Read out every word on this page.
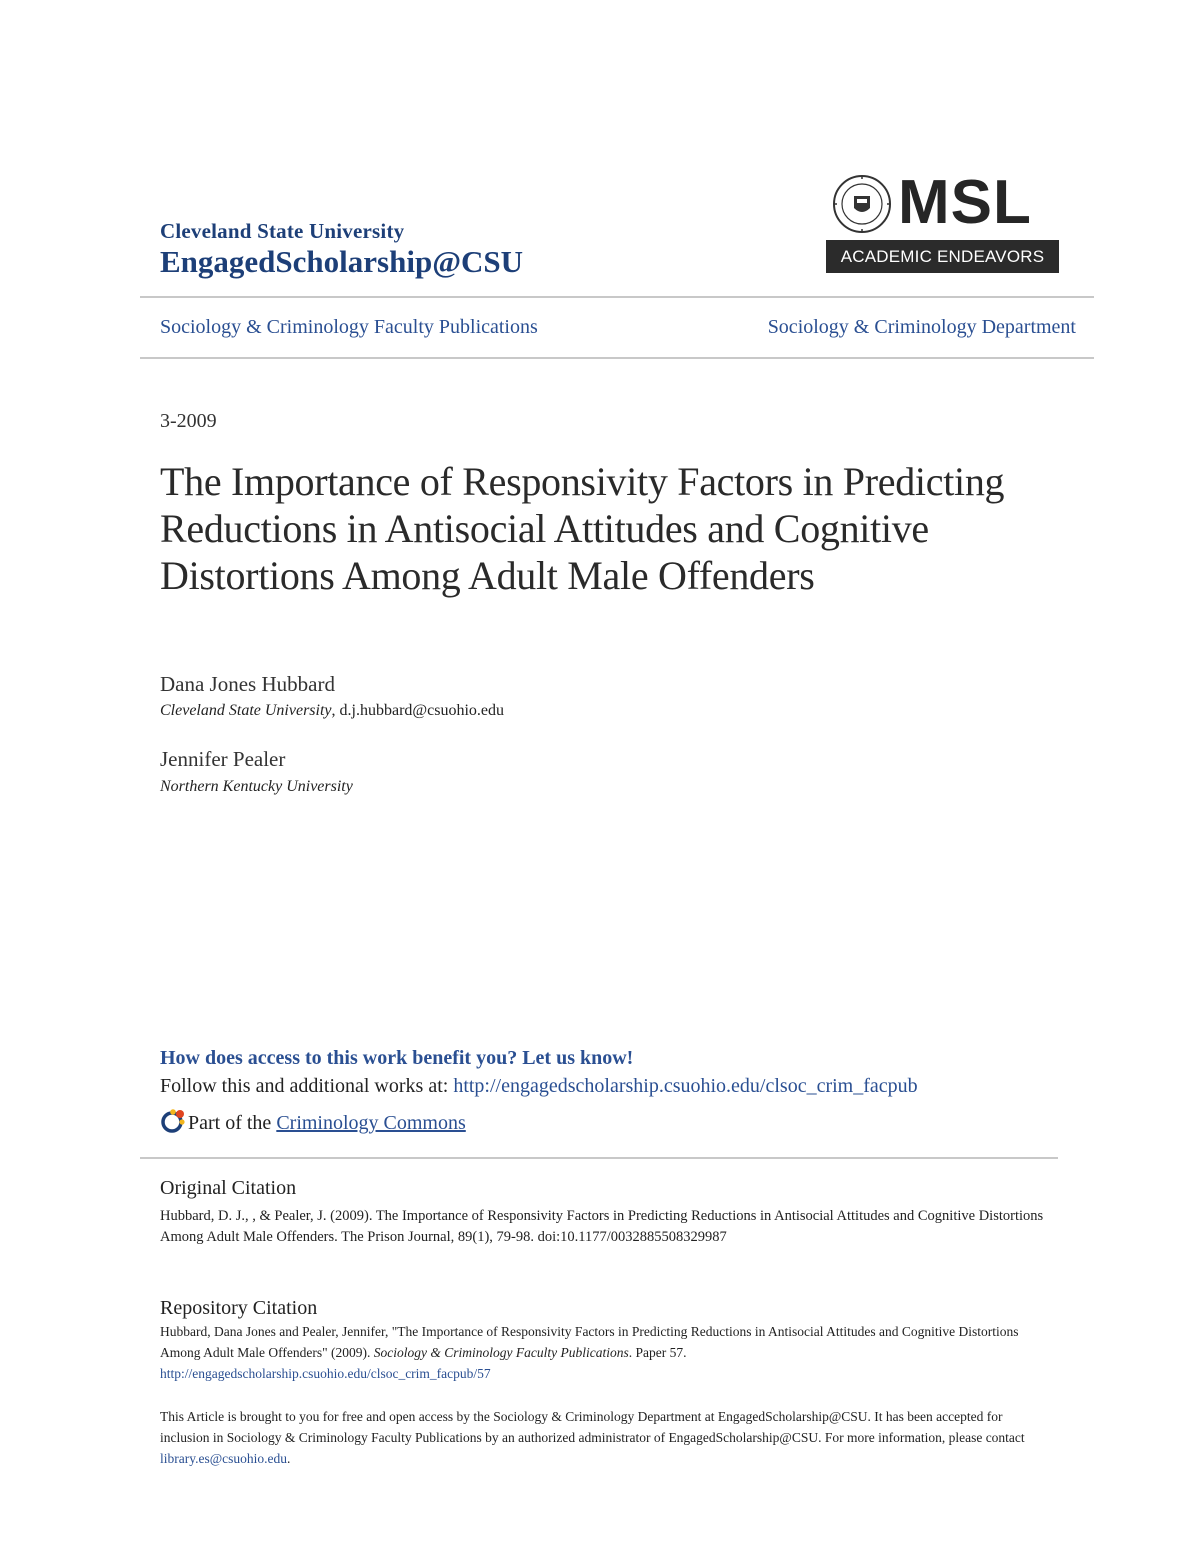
Cleveland State University
EngagedScholarship@CSU
MSL
ACADEMIC ENDEAVORS
Sociology & Criminology Faculty Publications	Sociology & Criminology Department
3-2009
The Importance of Responsivity Factors in Predicting Reductions in Antisocial Attitudes and Cognitive Distortions Among Adult Male Offenders
Dana Jones Hubbard
Cleveland State University, d.j.hubbard@csuohio.edu
Jennifer Pealer
Northern Kentucky University
How does access to this work benefit you? Let us know!
Follow this and additional works at: http://engagedscholarship.csuohio.edu/clsoc_crim_facpub
Part of the Criminology Commons
Original Citation
Hubbard, D. J., , & Pealer, J. (2009). The Importance of Responsivity Factors in Predicting Reductions in Antisocial Attitudes and Cognitive Distortions Among Adult Male Offenders. The Prison Journal, 89(1), 79-98. doi:10.1177/0032885508329987
Repository Citation
Hubbard, Dana Jones and Pealer, Jennifer, "The Importance of Responsivity Factors in Predicting Reductions in Antisocial Attitudes and Cognitive Distortions Among Adult Male Offenders" (2009). Sociology & Criminology Faculty Publications. Paper 57.
http://engagedscholarship.csuohio.edu/clsoc_crim_facpub/57
This Article is brought to you for free and open access by the Sociology & Criminology Department at EngagedScholarship@CSU. It has been accepted for inclusion in Sociology & Criminology Faculty Publications by an authorized administrator of EngagedScholarship@CSU. For more information, please contact library.es@csuohio.edu.
